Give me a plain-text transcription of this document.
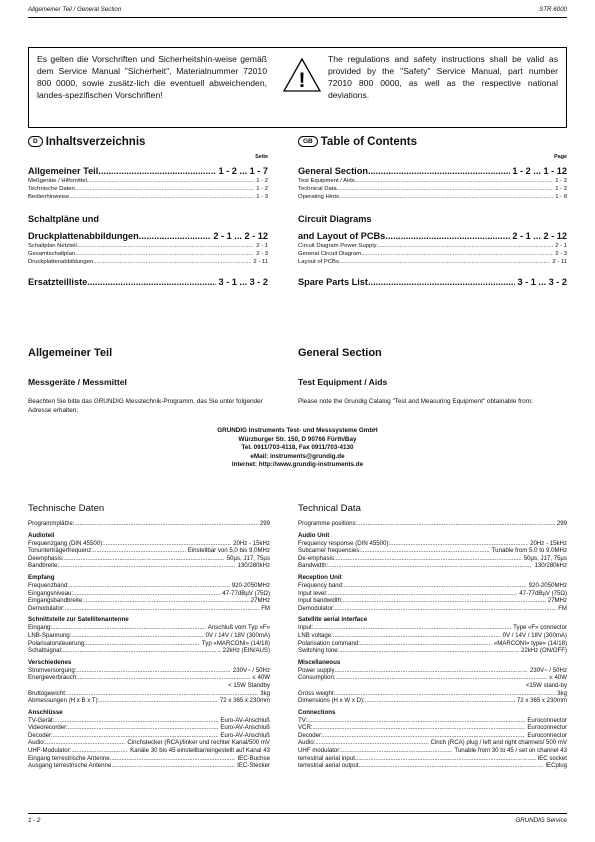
Allgemeiner Teil / General Section	STR 6000
Es gelten die Vorschriften und Sicherheitshin-weise gemäß dem Service Manual "Sicherheit", Materialnummer 72010 800 0000, sowie zusätz-lich die eventuell abweichenden, landes-spezifischen Vorschriften!
!
The regulations and safety instructions shall be valid as provided by the "Safety" Service Manual, part number 72010 800 0000, as well as the respective national deviations.
D Inhaltsverzeichnis
Seite
Allgemeiner Teil .....	1 - 2 ... 1 - 7
Meßgeräte / Hilfsmittel .....	1 - 2
Technische Daten .....	1 - 2
Bedienhinweise .....	1 - 3
Schaltpläne und
Druckplattenabbildungen .....	2 - 1 ... 2 - 12
Schaltplan Netzteil .....	2 - 1
Gesamtschaltplan .....	2 - 3
Druckplattenabbildungen .....	2 - 11
Ersatzteilliste .....	3 - 1 ... 3 - 2
GB Table of Contents
Page
General Section .....	1 - 2 ... 1 - 12
Test Equipment / Aids .....	1 - 2
Technical Data .....	1 - 2
Operating Hints .....	1 - 8
Circuit Diagrams
and Layout of PCBs .....	2 - 1 ... 2 - 12
Circuit Diagram Power Supply .....	2 - 1
General Circuit Diagram .....	2 - 3
Layout of PCBs .....	2 - 11
Spare Parts List .....	3 - 1 ... 3 - 2
Allgemeiner Teil
Messgeräte / Messmittel
Beachten Sie bitte das GRUNDIG Messtechnik-Programm, das Sie unter folgender Adresse erhalten:
General Section
Test Equipment / Aids
Please note the Grundig Catalog "Test and Measuring Equipment" obtainable from:
GRUNDIG Instruments Test- und Messsysteme GmbH
Würzburger Str. 150, D 90766 Fürth/Bay
Tel. 0911/703-4118, Fax 0911/703-4130
eMail: instruments@grundig.de
Internet: http://www.grundig-instruments.de
Technische Daten
Programmplätze: .....	299
Audioteil
Frequenzgang (DIN 45500): .....	20Hz - 15kHz
Tonunterträgerfrequenz .....	Einstellbar von 5,0 bis 9,0MHz
Deemphasis: .....	50µs, J17, 75µs
Bandbreite: .....	130/280kHz
Empfang
Frequenzband: .....	920-2050MHz
Eingangsniveau: .....	47-77dBµV (75Ω)
Eingangsbandbreite: .....	27MHz
Demodulator: .....	FM
Schnittstelle zur Satellitenantenne
Eingang: .....	Anschluß vom Typ «F»
LNB-Spannung: .....	0V / 14V / 18V (300mA)
Polarisatorsteuerung: .....	Typ «MARCONI» (14/18)
Schaltsignal: .....	22kHz (EIN/AUS)
Verschiedenes
Stromversorgung: .....	230V~ / 50Hz
Energieverbrauch: .....	≤ 40W
< 15W Standby
Bruttogewicht: .....	3kg
Abmessungen (H x B x T): .....	72 x 365 x 230mm
Anschlüsse
TV-Gerät: .....	Euro-AV-Anschluß
Videorecorder: .....	Euro-AV-Anschluß
Decoder: .....	Euro-AV-Anschluß
Audio: .....	Cinchstecker (RCA)/linker und rechter Kanal/500 mV
UHF-Modulator: .....	Kanäle 30 bis 45 einstellbar/eingestellt auf Kanal 43
Eingang terrestrische Antenne .....	IEC-Buchse
Ausgang terrestrische Antenne .....	IEC-Stecker
Technical Data
Programme positions: .....	299
Audio Unit
Frequency response (DIN 45500): .....	20Hz - 15kHz
Subcarrier frequencies: .....	Tunable from 5.0 to 9.0MHz
De-emphasis: .....	50µs, J17, 75µs
Bandwidth: .....	130/280kHz
Reception Unit
Frequency band: .....	920-2050MHz
Input level: .....	47-77dBµV (75Ω)
Input bandwidth: .....	27MHz
Demodulator: .....	FM
Satellite aerial interface
Input: .....	Type «F» connector
LNB voltage: .....	0V / 14V / 18V (300mA)
Polarisation command: .....	«MARCONI» type» (14/18)
Switching tone: .....	22kHz (ON/OFF)
Miscellaneous
Power supply .....	230V~ / 50Hz
Consumption: .....	≤ 40W
<15W stand-by
Gross weight: .....	3kg
Dimensions (H x W x D): .....	72 x 365 x 230mm
Connections
TV: .....	Euroconnector
VCR: .....	Euroconnector
Decoder: .....	Euroconnector
Audio: .....	Cinch (RCA) plug / left and right channels/ 500 mV
UHF modulator: .....	Tunable from 30 to 45 / set on channel 43
terrestrial aerial input .....	IEC socket
terrestrial aerial output .....	IECplug
1 - 2	GRUNDIG Service
